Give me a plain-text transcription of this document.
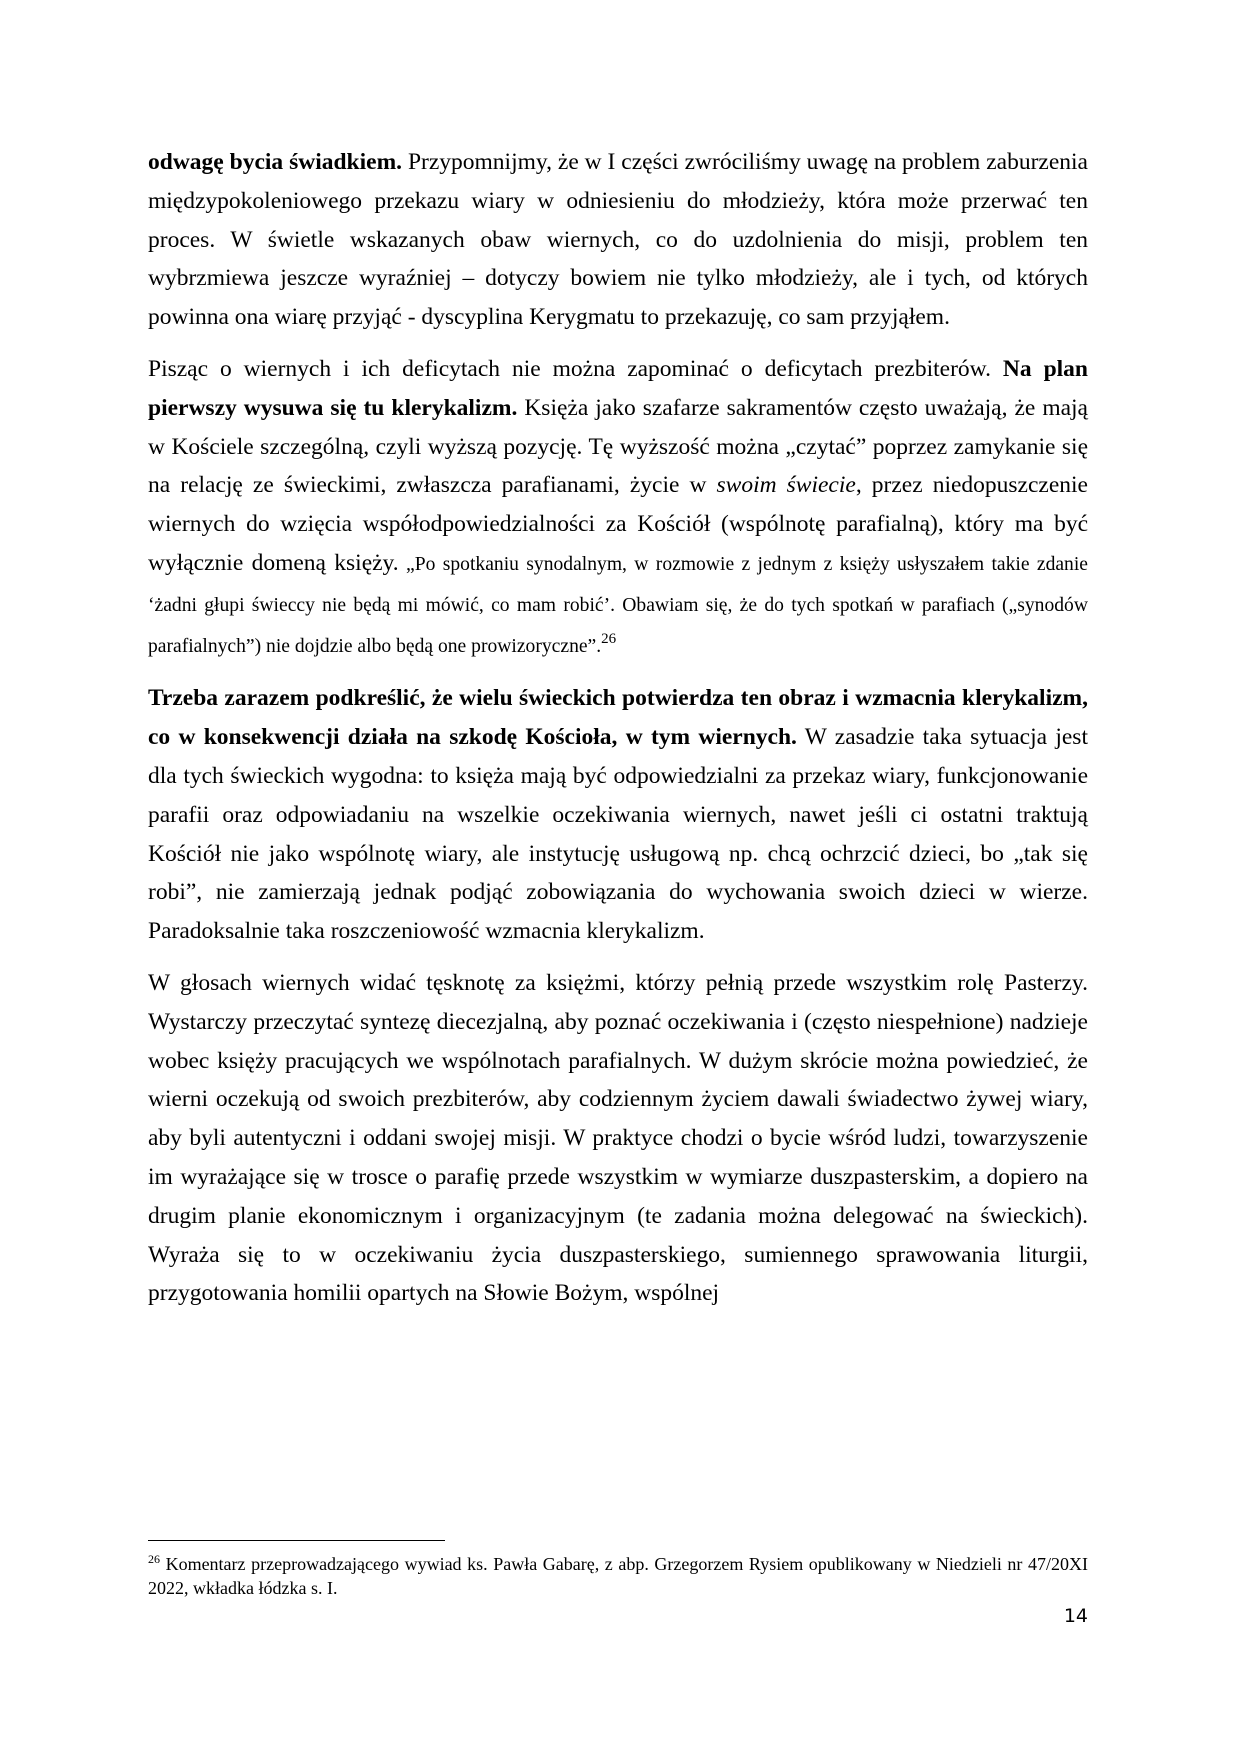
odwagę bycia świadkiem. Przypomnijmy, że w I części zwróciliśmy uwagę na problem zaburzenia międzypokoleniowego przekazu wiary w odniesieniu do młodzieży, która może przerwać ten proces. W świetle wskazanych obaw wiernych, co do uzdolnienia do misji, problem ten wybrzmiewa jeszcze wyraźniej – dotyczy bowiem nie tylko młodzieży, ale i tych, od których powinna ona wiarę przyjąć - dyscyplina Kerygmatu to przekazuję, co sam przyjąłem.

Pisząc o wiernych i ich deficytach nie można zapominać o deficytach prezbiterów. Na plan pierwszy wysuwa się tu klerykalizm. Księża jako szafarze sakramentów często uważają, że mają w Kościele szczególną, czyli wyższą pozycję. Tę wyższość można „czytać” poprzez zamykanie się na relację ze świeckimi, zwłaszcza parafianami, życie w swoim świecie, przez niedopuszczenie wiernych do wzięcia współodpowiedzialności za Kościół (wspólnotę parafialną), który ma być wyłącznie domeną księży. „Po spotkaniu synodalnym, w rozmowie z jednym z księży usłyszałem takie zdanie ‘żadni głupi świeccy nie będą mi mówić, co mam robić’. Obawiam się, że do tych spotkań w parafiach („synodów parafialnych”) nie dojdzie albo będą one prowizoryczne”.$^{26}$

Trzeba zarazem podkreślić, że wielu świeckich potwierdza ten obraz i wzmacnia klerykalizm, co w konsekwencji działa na szkodę Kościoła, w tym wiernych. W zasadzie taka sytuacja jest dla tych świeckich wygodna: to księża mają być odpowiedzialni za przekaz wiary, funkcjonowanie parafii oraz odpowiadaniu na wszelkie oczekiwania wiernych, nawet jeśli ci ostatni traktują Kościół nie jako wspólnotę wiary, ale instytucję usługową np. chcą ochrzcić dzieci, bo „tak się robi”, nie zamierzają jednak podjąć zobowiązania do wychowania swoich dzieci w wierze. Paradoksalnie taka roszczeniowość wzmacnia klerykalizm.

W głosach wiernych widać tęsknotę za księżmi, którzy pełnią przede wszystkim rolę Pasterzy. Wystarczy przeczytać syntezę diecezjalną, aby poznać oczekiwania i (często niespełnione) nadzieje wobec księży pracujących we wspólnotach parafialnych. W dużym skrócie można powiedzieć, że wierni oczekują od swoich prezbiterów, aby codziennym życiem dawali świadectwo żywej wiary, aby byli autentyczni i oddani swojej misji. W praktyce chodzi o bycie wśród ludzi, towarzyszenie im wyrażające się w trosce o parafię przede wszystkim w wymiarze duszpasterskim, a dopiero na drugim planie ekonomicznym i organizacyjnym (te zadania można delegować na świeckich). Wyraża się to w oczekiwaniu życia duszpasterskiego, sumiennego sprawowania liturgii, przygotowania homilii opartych na Słowie Bożym, wspólnej

$^{26}$ Komentarz przeprowadzającego wywiad ks. Pawła Gabarę, z abp. Grzegorzem Rysiem opublikowany w Niedzieli nr 47/20XI 2022, wkładka łódzka s. I.

14
